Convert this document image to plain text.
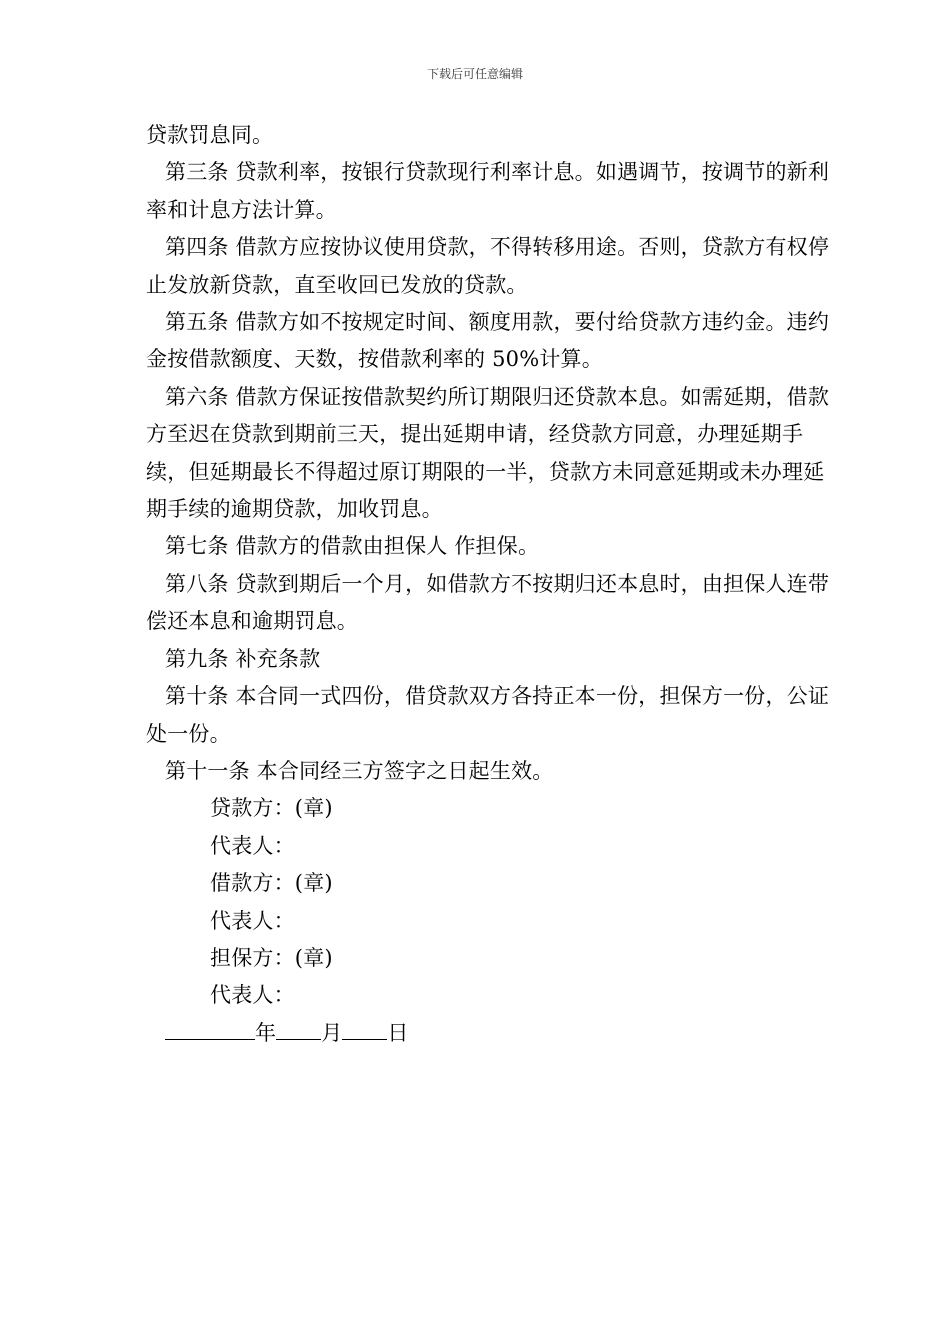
下载后可任意编辑

贷款罚息同。

第三条 贷款利率，按银行贷款现行利率计息。如遇调节，按调节的新利率和计息方法计算。

第四条 借款方应按协议使用贷款，不得转移用途。否则，贷款方有权停止发放新贷款，直至收回已发放的贷款。

第五条 借款方如不按规定时间、额度用款，要付给贷款方违约金。违约金按借款额度、天数，按借款利率的 50%计算。

第六条 借款方保证按借款契约所订期限归还贷款本息。如需延期，借款方至迟在贷款到期前三天，提出延期申请，经贷款方同意，办理延期手续，但延期最长不得超过原订期限的一半，贷款方未同意延期或未办理延期手续的逾期贷款，加收罚息。

第七条 借款方的借款由担保人 作担保。

第八条 贷款到期后一个月，如借款方不按期归还本息时，由担保人连带偿还本息和逾期罚息。

第九条 补充条款

第十条 本合同一式四份，借贷款双方各持正本一份，担保方一份，公证处一份。

第十一条 本合同经三方签字之日起生效。

贷款方：(章)

代表人：

借款方：(章)

代表人：

担保方：(章)

代表人：

年 月 日
